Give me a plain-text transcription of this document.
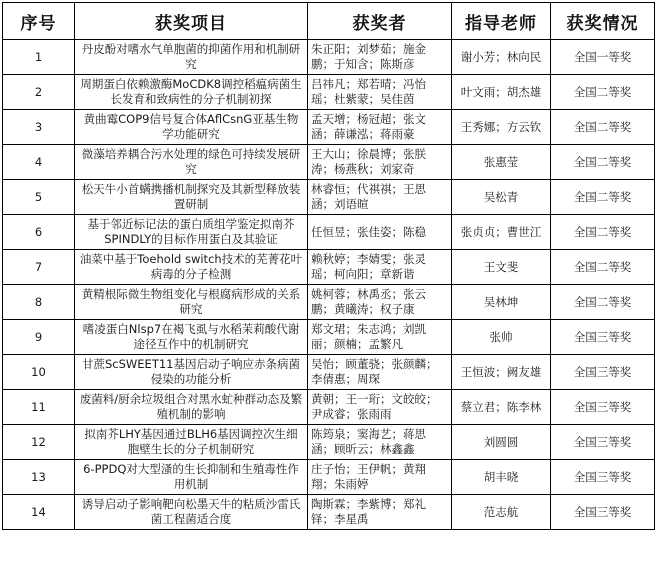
序号	获奖项目	获奖者	指导老师	获奖情况
1	丹皮酚对嗜水气单胞菌的抑菌作用和机制研究	朱正阳；刘梦茹；施金鹏；于知含；陈斯彦	谢小芳；林向民	全国一等奖
2	周期蛋白依赖激酶MoCDK8调控稻瘟病菌生长发育和致病性的分子机制初探	吕祎凡；郑若晴；冯怡瑶；杜紫蒙；吴佳茵	叶文雨；胡杰雄	全国二等奖
3	黄曲霉COP9信号复合体AflCsnG亚基生物学功能研究	孟天增；杨冠超；张文涵；薛谦泓；蒋雨豪	王秀娜；方云钦	全国二等奖
4	微藻培养耦合污水处理的绿色可持续发展研究	王大山；徐晨博；张朕涛；杨燕秋；刘家奇	张惠莹	全国二等奖
5	松天牛小首螨携播机制探究及其新型释放装置研制	林睿恒；代祺祺；王思涵；刘语暄	吴松青	全国二等奖
6	基于邻近标记法的蛋白质组学鉴定拟南芥SPINDLY的目标作用蛋白及其验证	任恒昱；张佳姿；陈稳	张贞贞；曹世江	全国二等奖
7	油菜中基于Toehold switch技术的芜菁花叶病毒的分子检测	赖秋婷；李婧雯；张灵瑶；柯向阳；章新谐	王文斐	全国二等奖
8	黄精根际微生物组变化与根腐病形成的关系研究	姚柯蓉；林禹丞；张云鹏；黄曦涛；权子康	吴林坤	全国二等奖
9	嗜凌蛋白Nlsp7在褐飞虱与水稻茉莉酸代谢途径互作中的机制研究	郑文珺；朱志鸿；刘凯丽；颜楠；孟繁凡	张帅	全国三等奖
10	甘蔗ScSWEET11基因启动子响应赤条病菌侵染的功能分析	吴怡；顾董骁；张颜麟；李倩惠；周琛	王恒波；阙友雄	全国三等奖
11	废菌料/厨余垃圾组合对黑水虻种群动态及繁殖机制的影响	黄朝；王一珩；文皎皎；尹成睿；张雨雨	蔡立君；陈李林	全国三等奖
12	拟南芥LHY基因通过BLH6基因调控次生细胞壁生长的分子机制研究	陈筠泉；窦海艺；蒋思涵；顾昕云；林鑫鑫	刘圆圆	全国三等奖
13	6-PPDQ对大型溞的生长抑制和生殖毒性作用机制	庄子怡；王伊帆；黄翔翔；朱雨婷	胡丰晓	全国三等奖
14	诱导启动子影响靶向松墨天牛的粘质沙雷氏菌工程菌适合度	陶斯霖；李紫博；郑礼铎；李星禹	范志航	全国三等奖
